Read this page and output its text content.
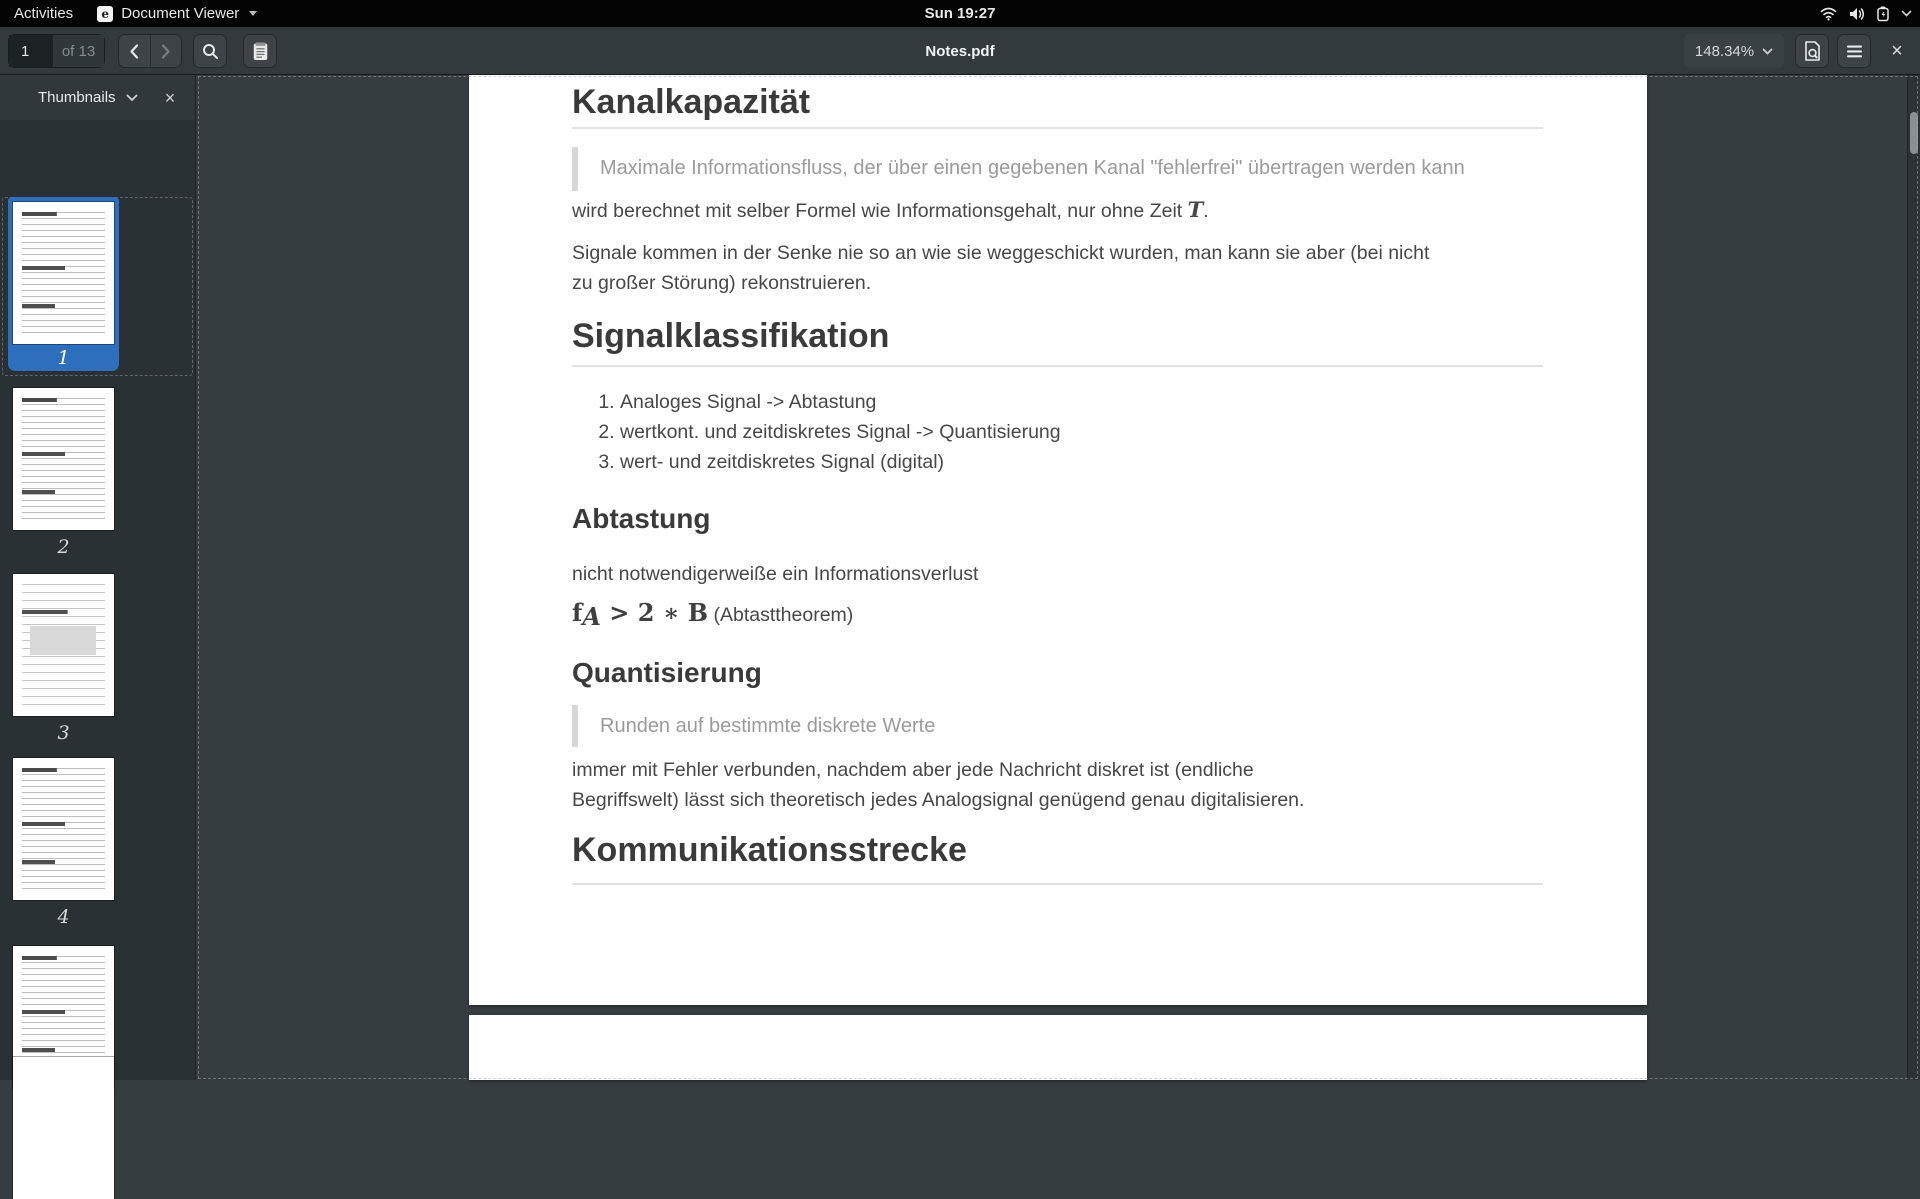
Activities	e Document Viewer	Sun 19:27
Notes.pdf
1	of 13	148.34%	×
Thumbnails	×
1
2
3
4
Kanalkapazität
Maximale Informationsfluss, der über einen gegebenen Kanal "fehlerfrei" übertragen werden kann

wird berechnet mit selber Formel wie Informationsgehalt, nur ohne Zeit T.

Signale kommen in der Senke nie so an wie sie weggeschickt wurden, man kann sie aber (bei nicht zu großer Störung) rekonstruieren.

Signalklassifikation
1. Analoges Signal -> Abtastung
2. wertkont. und zeitdiskretes Signal -> Quantisierung
3. wert- und zeitdiskretes Signal (digital)
Abtastung

nicht notwendigerweiße ein Informationsverlust

$f_A > 2$ ∗ B (Abtasttheorem)
Quantisierung
Runden auf bestimmte diskrete Werte

immer mit Fehler verbunden, nachdem aber jede Nachricht diskret ist (endliche Begriffswelt) lässt sich theoretisch jedes Analogsignal genügend genau digitalisieren.

Kommunikationsstrecke
